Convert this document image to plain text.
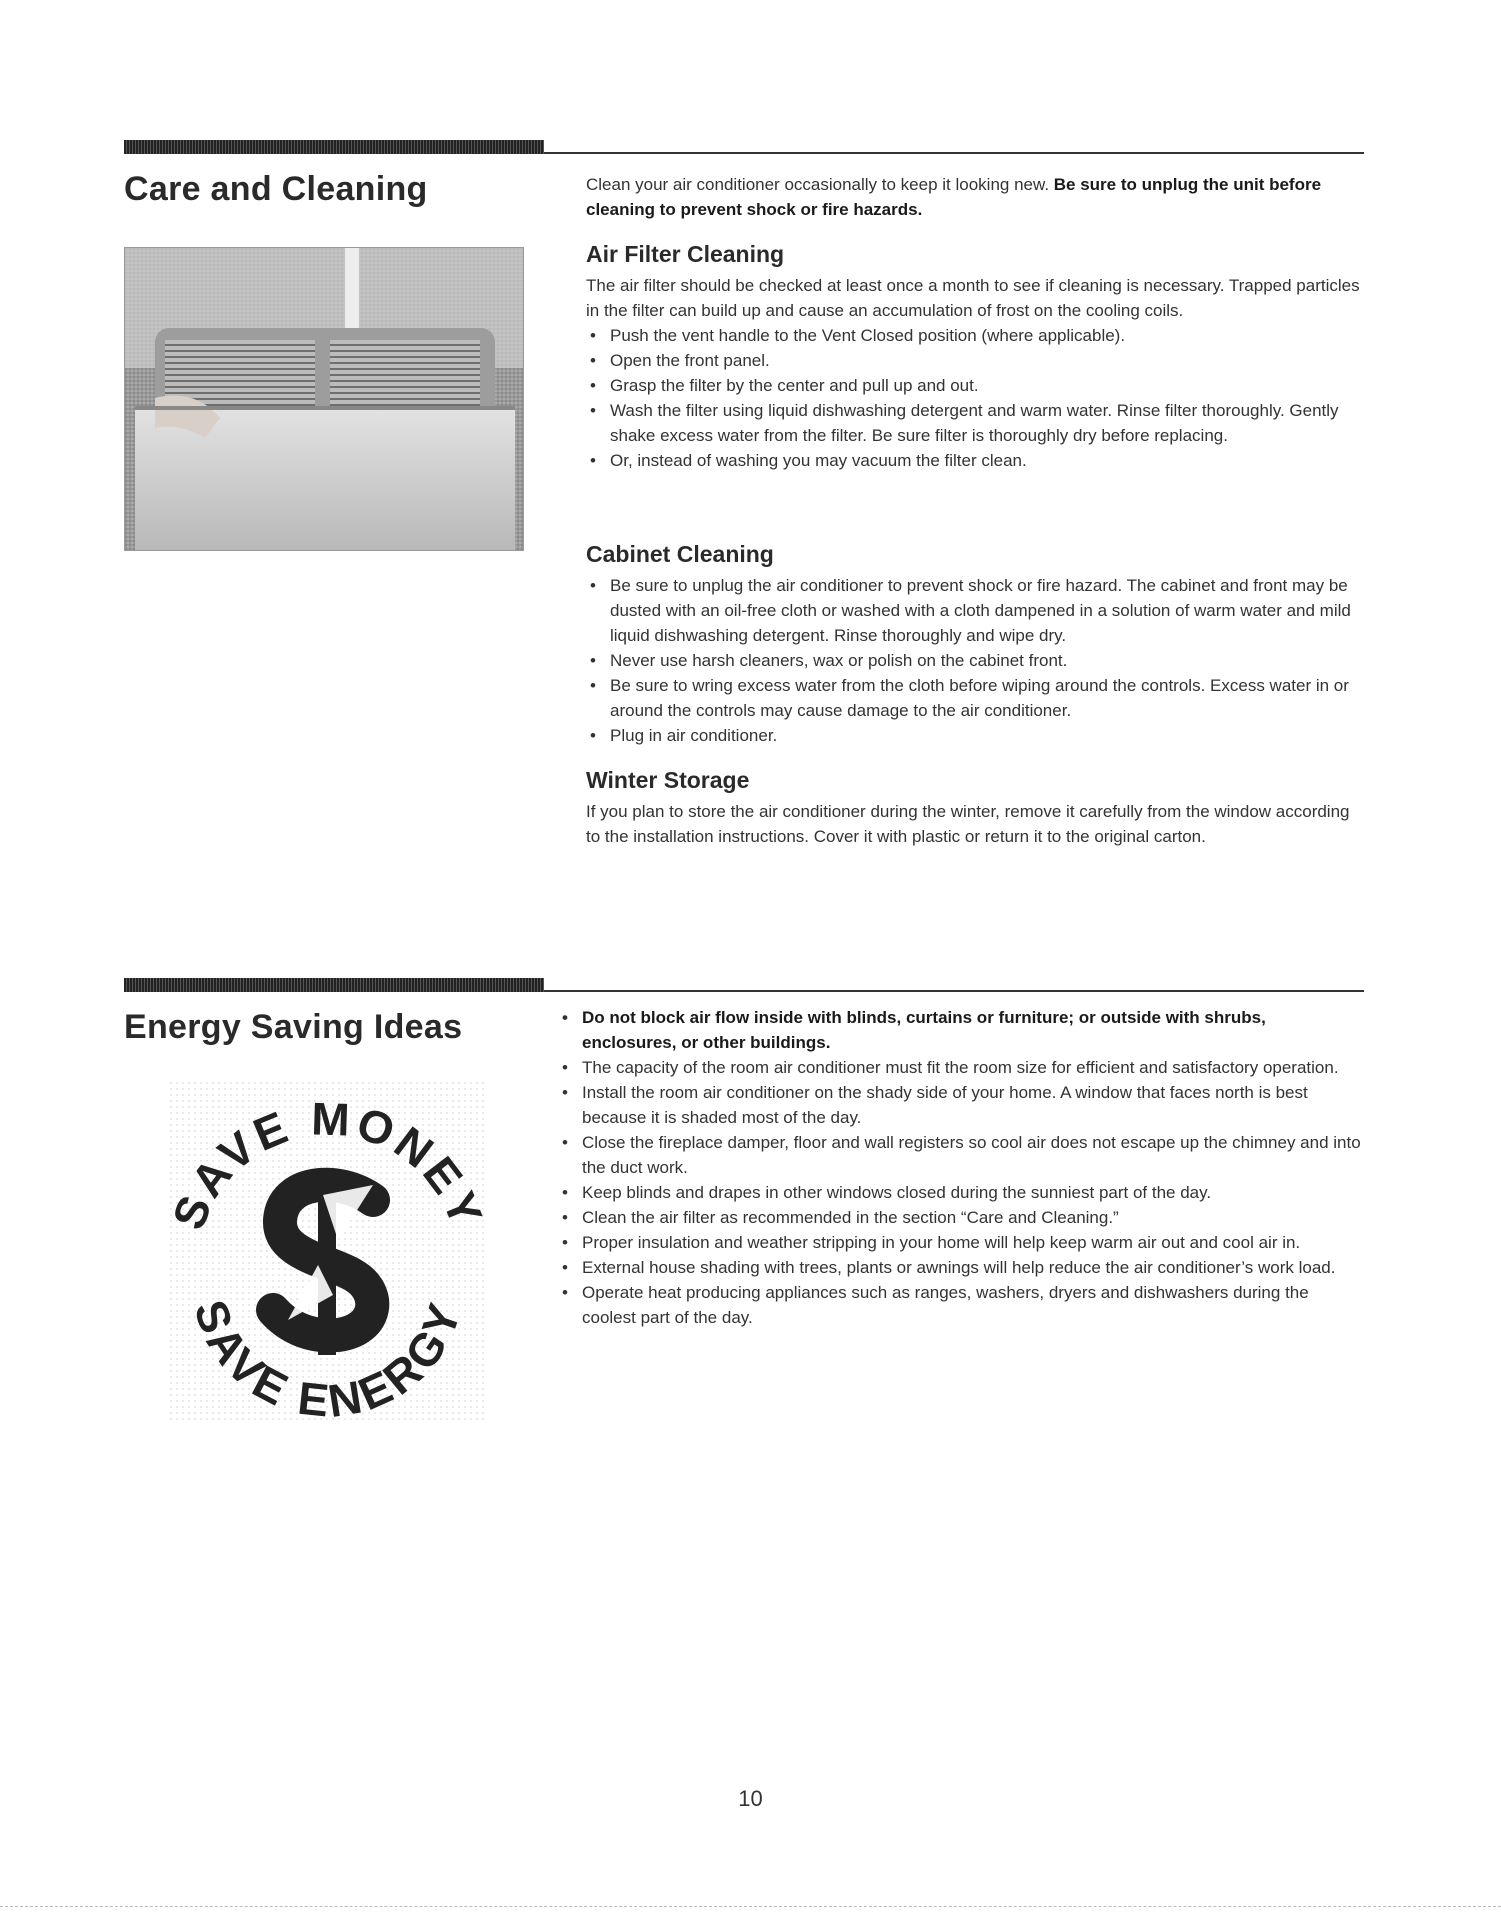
Care and Cleaning	Clean your air conditioner occasionally to keep it looking new. Be sure to unplug the unit before cleaning to prevent shock or fire hazards.

Air Filter Cleaning

The air filter should be checked at least once a month to see if cleaning is necessary. Trapped particles in the filter can build up and cause an accumulation of frost on the cooling coils.

• Push the vent handle to the Vent Closed position (where applicable).
• Open the front panel.
• Grasp the filter by the center and pull up and out.
• Wash the filter using liquid dishwashing detergent and warm water. Rinse filter thoroughly. Gently shake excess water from the filter. Be sure filter is thoroughly dry before replacing.
• Or, instead of washing you may vacuum the filter clean.
Cabinet Cleaning
• Be sure to unplug the air conditioner to prevent shock or fire hazard. The cabinet and front may be dusted with an oil-free cloth or washed with a cloth dampened in a solution of warm water and mild liquid dishwashing detergent. Rinse thoroughly and wipe dry.
• Never use harsh cleaners, wax or polish on the cabinet front.
• Be sure to wring excess water from the cloth before wiping around the controls. Excess water in or around the controls may cause damage to the air conditioner.
• Plug in air conditioner.
Winter Storage

If you plan to store the air conditioner during the winter, remove it carefully from the window according to the installation instructions. Cover it with plastic or return it to the original carton.

Energy Saving Ideas
SAVE MONEY
SAVE ENERGY
• Do not block air flow inside with blinds, curtains or furniture; or outside with shrubs, enclosures, or other buildings.
• The capacity of the room air conditioner must fit the room size for efficient and satisfactory operation.
• Install the room air conditioner on the shady side of your home. A window that faces north is best because it is shaded most of the day.
• Close the fireplace damper, floor and wall registers so cool air does not escape up the chimney and into the duct work.
• Keep blinds and drapes in other windows closed during the sunniest part of the day.
• Clean the air filter as recommended in the section “Care and Cleaning.”
• Proper insulation and weather stripping in your home will help keep warm air out and cool air in.
• External house shading with trees, plants or awnings will help reduce the air conditioner’s work load.
• Operate heat producing appliances such as ranges, washers, dryers and dishwashers during the coolest part of the day.
10
